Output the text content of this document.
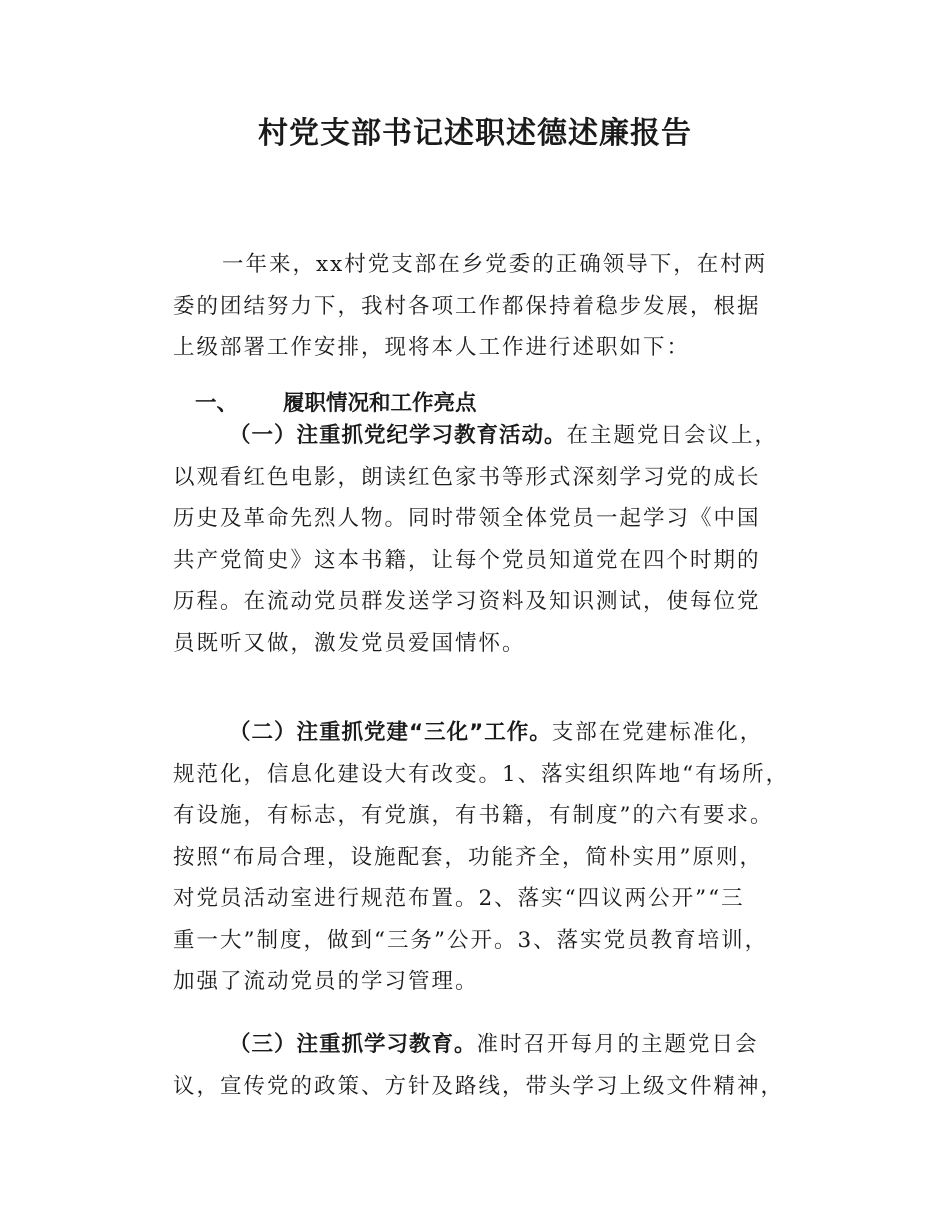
村党支部书记述职述德述廉报告
一年来，xx村党支部在乡党委的正确领导下，在村两
委的团结努力下，我村各项工作都保持着稳步发展，根据
上级部署工作安排，现将本人工作进行述职如下：
一、 履职情况和工作亮点
（一）注重抓党纪学习教育活动。在主题党日会议上，
以观看红色电影，朗读红色家书等形式深刻学习党的成长
历史及革命先烈人物。同时带领全体党员一起学习《中国
共产党简史》这本书籍，让每个党员知道党在四个时期的
历程。在流动党员群发送学习资料及知识测试，使每位党
员既听又做，激发党员爱国情怀。
（二）注重抓党建“三化”工作。支部在党建标准化，
规范化，信息化建设大有改变。1、落实组织阵地“有场所，
有设施，有标志，有党旗，有书籍，有制度”的六有要求。
按照“布局合理，设施配套，功能齐全，简朴实用”原则，
对党员活动室进行规范布置。2、落实“四议两公开”“三
重一大”制度，做到“三务”公开。3、落实党员教育培训，
加强了流动党员的学习管理。
（三）注重抓学习教育。准时召开每月的主题党日会
议，宣传党的政策、方针及路线，带头学习上级文件精神，
